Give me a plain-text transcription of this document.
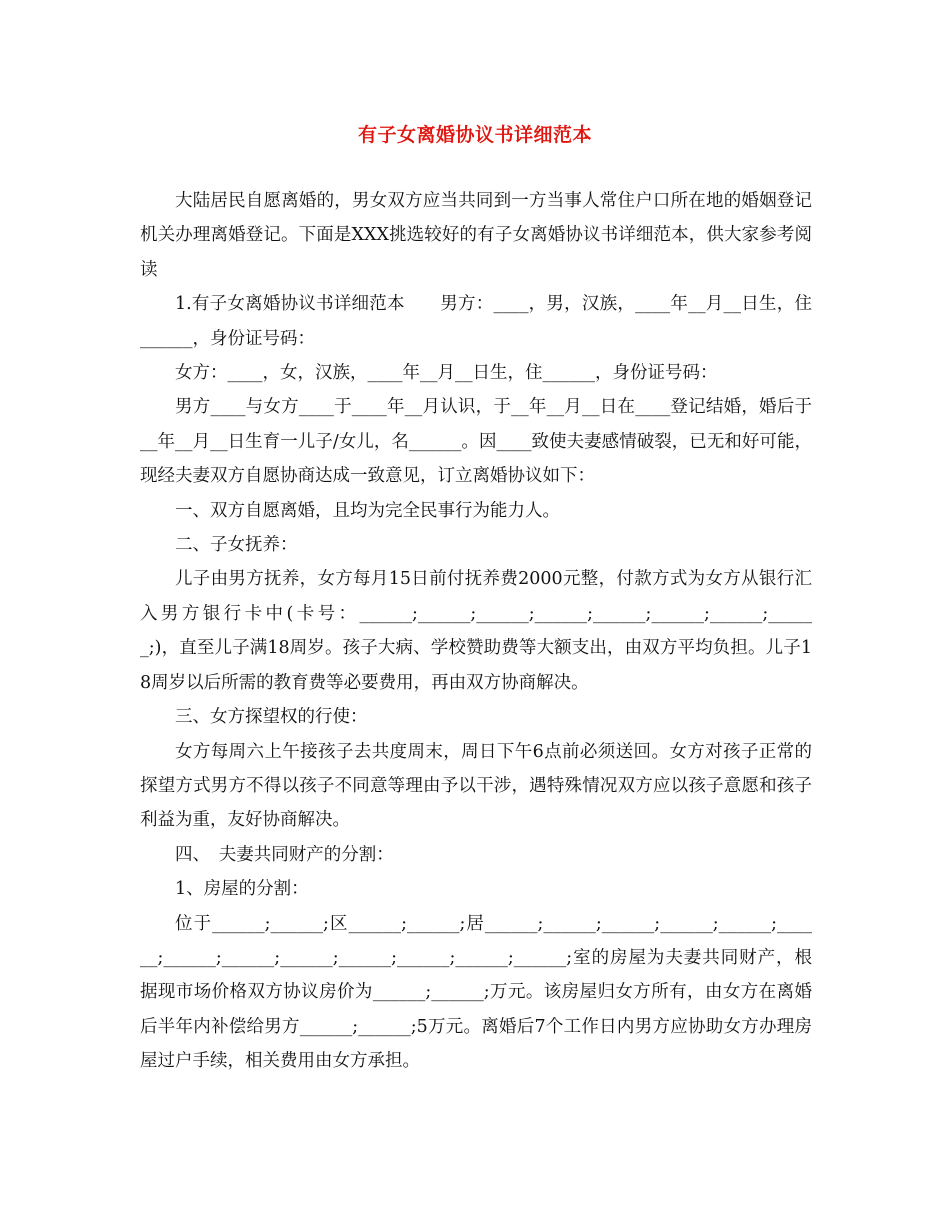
有子女离婚协议书详细范本

大陆居民自愿离婚的，男女双方应当共同到一方当事人常住户口所在地的婚姻登记机关办理离婚登记。下面是XXX挑选较好的有子女离婚协议书详细范本，供大家参考阅读

1.有子女离婚协议书详细范本　　男方：____，男，汉族，____年__月__日生，住______，身份证号码：

女方：____，女，汉族，____年__月__日生，住______，身份证号码：

男方____与女方____于____年__月认识，于__年__月__日在____登记结婚，婚后于__年__月__日生育一儿子/女儿，名______。因____致使夫妻感情破裂，已无和好可能，现经夫妻双方自愿协商达成一致意见，订立离婚协议如下：

一、双方自愿离婚，且均为完全民事行为能力人。

二、子女抚养：

儿子由男方抚养，女方每月15日前付抚养费2000元整，付款方式为女方从银行汇入男方银行卡中(卡号：______;______;______;______;______;______;______;______;)，直至儿子满18周岁。孩子大病、学校赞助费等大额支出，由双方平均负担。儿子18周岁以后所需的教育费等必要费用，再由双方协商解决。

三、女方探望权的行使：

女方每周六上午接孩子去共度周末，周日下午6点前必须送回。女方对孩子正常的探望方式男方不得以孩子不同意等理由予以干涉，遇特殊情况双方应以孩子意愿和孩子利益为重，友好协商解决。

四、　夫妻共同财产的分割：

1、房屋的分割：

位于______;______;区______;______;居______;______;______;______;______;______;______;______;______;______;______;______;______;室的房屋为夫妻共同财产，根据现市场价格双方协议房价为______;______;万元。该房屋归女方所有，由女方在离婚后半年内补偿给男方______;______;5万元。离婚后7个工作日内男方应协助女方办理房屋过户手续，相关费用由女方承担。
